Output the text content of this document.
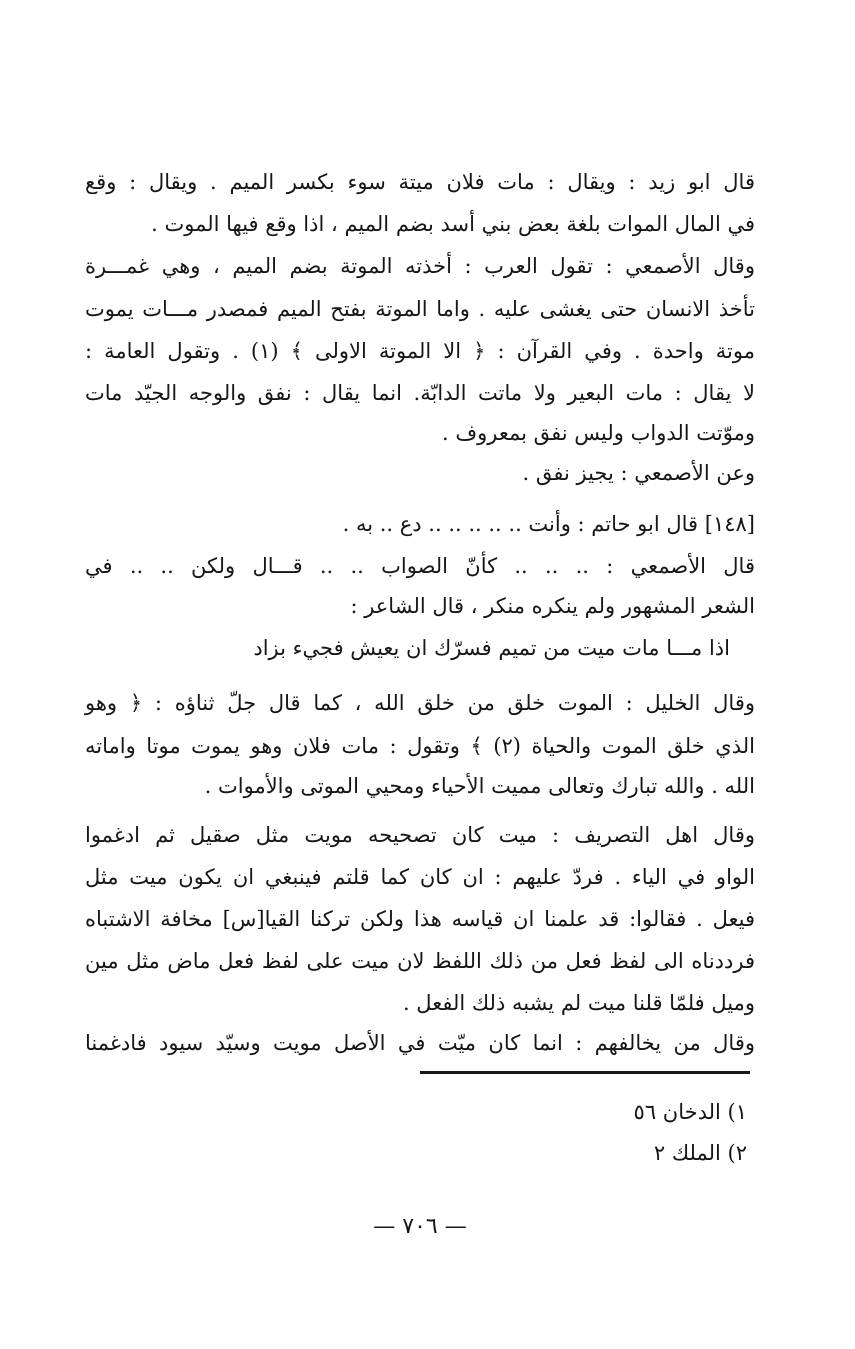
قال ابو زيد : ويقال : مات فلان ميتة سوء بكسر الميم . ويقال : وقع
في المال الموات بلغة بعض بني أسد بضم الميم ، اذا وقع فيها الموت .
وقال الأصمعي : تقول العرب : أخذته الموتة بضم الميم ، وهي غمـــرة
تأخذ الانسان حتى يغشى عليه . واما الموتة بفتح الميم فمصدر مـــات يموت
موتة واحدة . وفي القرآن : ﴿ الا الموتة الاولى ﴾ (١) . وتقول العامة :
لا يقال : مات البعير ولا ماتت الدابّة. انما يقال : نفق والوجه الجيّد مات
وموّتت الدواب وليس نفق بمعروف .
وعن الأصمعي : يجيز نفق .
[١٤٨] قال ابو حاتم : وأنت .. .. .. .. .. دع .. به .
قال الأصمعي : .. .. .. كأنّ الصواب .. .. قـــال ولكن .. .. في
الشعر المشهور ولم ينكره منكر ، قال الشاعر :
اذا مـــا مات ميت من تميم فسرّك ان يعيش فجيء بزاد
وقال الخليل : الموت خلق من خلق الله ، كما قال جلّ ثناؤه : ﴿ وهو
الذي خلق الموت والحياة (٢) ﴾ وتقول : مات فلان وهو يموت موتا واماته
الله . والله تبارك وتعالى مميت الأحياء ومحيي الموتى والأموات .
وقال اهل التصريف : ميت كان تصحيحه مويت مثل صقيل ثم ادغموا
الواو في الياء . فردّ عليهم : ان كان كما قلتم فينبغي ان يكون ميت مثل
فيعل . فقالوا: قد علمنا ان قياسه هذا ولكن تركنا القيا[س] مخافة الاشتباه
فرددناه الى لفظ فعل من ذلك اللفظ لان ميت على لفظ فعل ماض مثل مين
وميل فلمّا قلنا ميت لم يشبه ذلك الفعل .
وقال من يخالفهم : انما كان ميّت في الأصل مويت وسيّد سيود فادغمنا
١) الدخان ٥٦
٢) الملك ٢
— ٧٠٦ —
